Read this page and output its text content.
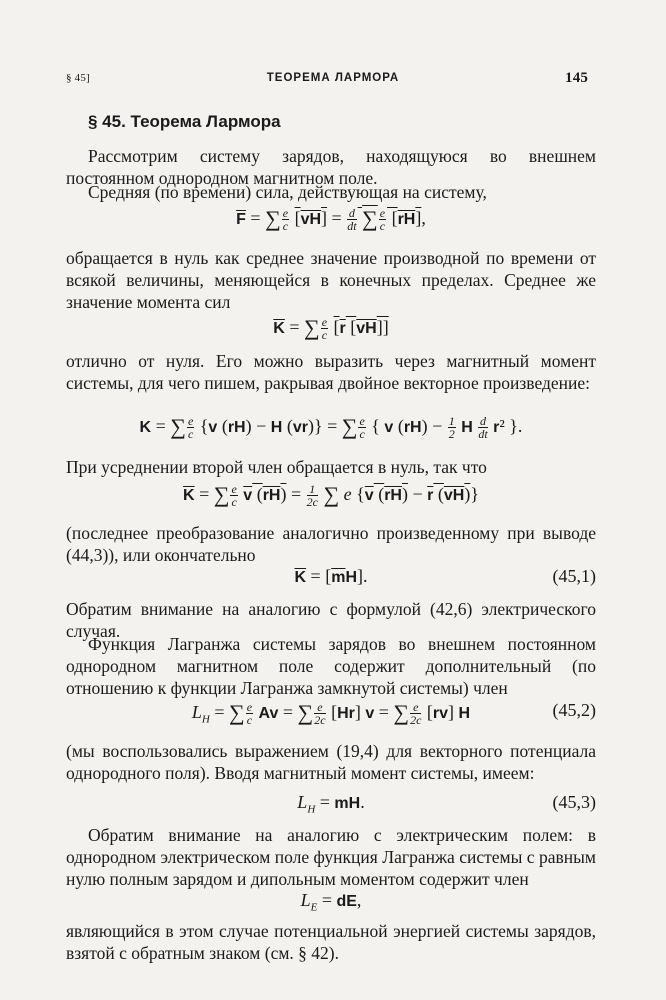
§ 45]	ТЕОРЕМА ЛАРМОРА	145
§ 45. Теорема Лармора
Рассмотрим систему зарядов, находящуюся во внешнем постоянном однородном магнитном поле.
Средняя (по времени) сила, действующая на систему,
$\overline{F}$ = ∑ $\frac{e}{c} [vH] = \frac{d}{dt}$ ∑ $\frac{e}{c} [rH]$,
обращается в нуль как среднее значение производной по времени от всякой величины, меняющейся в конечных пределах. Среднее же значение момента сил
$\overline{K}$ = ∑ $\frac{e}{c} [r$ [vH]]
отлично от нуля. Его можно выразить через магнитный момент системы, для чего пишем, ракрывая двойное векторное произведение:
K = ∑ $\frac{e}{c} \{v$ (rH) − H (vr)} = ∑ $\frac{e}{c}$ { v $(rH) - \frac{1}{2}$ H $\frac{d}{dt} r^2$ }.
При усреднении второй член обращается в нуль, так что
$\overline{K}$ = ∑ $\frac{e}{c}$ v $(rH) = \frac{1}{2c}$ ∑ e {v (rH) − r (vH)}
(последнее преобразование аналогично произведенному при выводе (44,3)), или окончательно
$\overline{K} = [\overline{m}H]$.	(45,1)
Обратим внимание на аналогию с формулой (42,6) электрического случая.
Функция Лагранжа системы зарядов во внешнем постоянном однородном магнитном поле содержит дополнительный (по отношению к функции Лагранжа замкнутой системы) член
$L_H$ = ∑ $\frac{e}{c}$ Av = ∑ $\frac{e}{2c} [Hr] v$ = ∑ $\frac{e}{2c} [rv]$ H	(45,2)
(мы воспользовались выражением (19,4) для векторного потенциала однородного поля). Вводя магнитный момент системы, имеем:
$L_H$ = mH.	(45,3)
Обратим внимание на аналогию с электрическим полем: в однородном электрическом поле функция Лагранжа системы с равным нулю полным зарядом и дипольным моментом содержит член
$L_E$ = dE,
являющийся в этом случае потенциальной энергией системы зарядов, взятой с обратным знаком (см. § 42).
